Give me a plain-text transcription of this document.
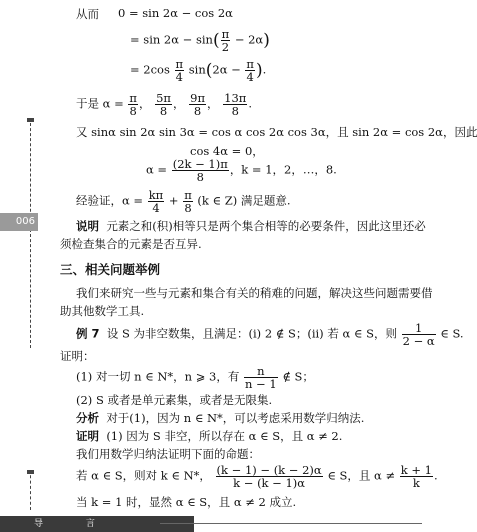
006
从而 0 = sin 2α − cos 2α
= $\sin 2\alpha - \sin( \frac{\pi}{2} - 2\alpha)$
= $2\cos \frac{\pi}{4} \sin(2\alpha - \frac{\pi}{4}$ ).
于是 $\alpha = \frac{\pi}{8}$ ， $\frac{5\pi}{8}$ ， $\frac{9\pi}{8}$ ， $\frac{13\pi}{8}$ .
又 sinα sin 2α sin 3α = cos α cos 2α cos 3α，且 sin 2α = cos 2α，因此
cos 4α = 0，
$\alpha = \frac{(2k - 1)\pi}{8}$ ，k = 1，2，…，8.
经验证，$\alpha = \frac{k\pi}{4} + \frac{\pi}{8} (k$ ∈ Z) 满足题意.
说明 元素之和(积)相等只是两个集合相等的必要条件，因此这里还必
须检查集合的元素是否互异.
三、相关问题举例
我们来研究一些与元素和集合有关的稍难的问题，解决这些问题需要借
助其他数学工具.
例 7 设 S 为非空数集，且满足：(i) 2 ∉ S；(ii) 若 α ∈ S，则 $\frac{1}{2 - \alpha}$ ∈ S.
证明：
(1) 对一切 n ∈ N*，n ⩾ 3，有 $\frac{n}{n - 1}$ ∉ S；
(2) S 或者是单元素集，或者是无限集.
分析 对于(1)，因为 n ∈ N*，可以考虑采用数学归纳法.
证明 (1) 因为 S 非空，所以存在 α ∈ S，且 α ≠ 2.
我们用数学归纳法证明下面的命题：
若 α ∈ S，则对 k ∈ N*， $\frac{(k - 1) - (k - 2)\alpha}{k - (k - 1)\alpha}$ ∈ S，且 $\alpha \ne \frac{k + 1}{k}$ .
当 k = 1 时，显然 α ∈ S，且 α ≠ 2 成立.
导 言
